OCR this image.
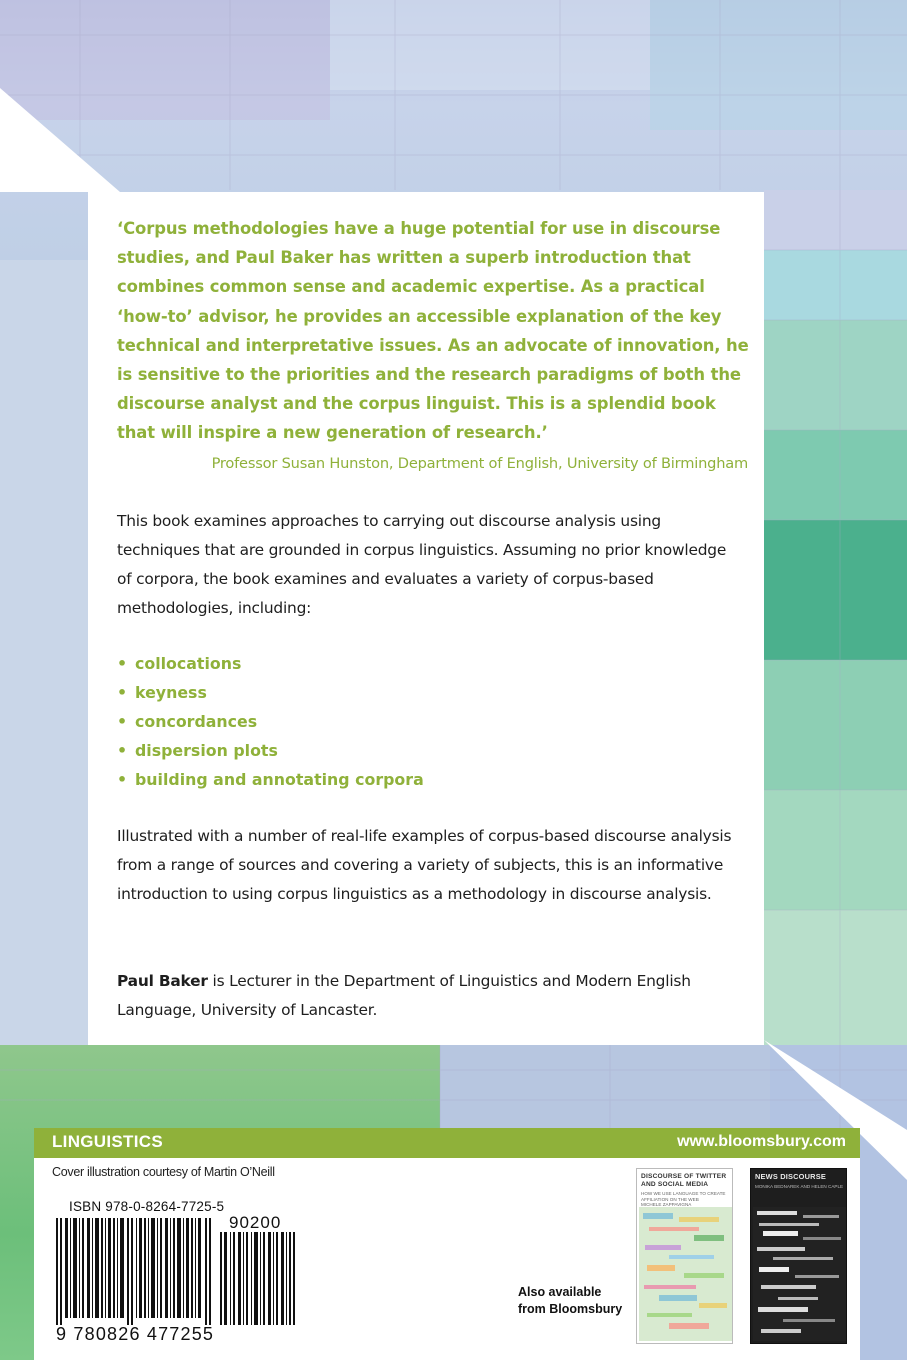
‘Corpus methodologies have a huge potential for use in discourse studies, and Paul Baker has written a superb introduction that combines common sense and academic expertise. As a practical ‘how-to’ advisor, he provides an accessible explanation of the key technical and interpretative issues. As an advocate of innovation, he is sensitive to the priorities and the research paradigms of both the discourse analyst and the corpus linguist. This is a splendid book that will inspire a new generation of research.’
Professor Susan Hunston, Department of English, University of Birmingham
This book examines approaches to carrying out discourse analysis using techniques that are grounded in corpus linguistics. Assuming no prior knowledge of corpora, the book examines and evaluates a variety of corpus-based methodologies, including:
• collocations
• keyness
• concordances
• dispersion plots
• building and annotating corpora
Illustrated with a number of real-life examples of corpus-based discourse analysis from a range of sources and covering a variety of subjects, this is an informative introduction to using corpus linguistics as a methodology in discourse analysis.
Paul Baker is Lecturer in the Department of Linguistics and Modern English Language, University of Lancaster.
LINGUISTICS	www.bloomsbury.com
Cover illustration courtesy of Martin O’Neill
ISBN 978-0-8264-7725-5
90200
9 780826 477255
Also available
from Bloomsbury
DISCOURSE OF TWITTER AND SOCIAL MEDIA
HOW WE USE LANGUAGE TO CREATE AFFILIATION ON THE WEB
MICHELE ZAPPAVIGNA
NEWS DISCOURSE
MONIKA BEDNAREK AND HELEN CAPLE
